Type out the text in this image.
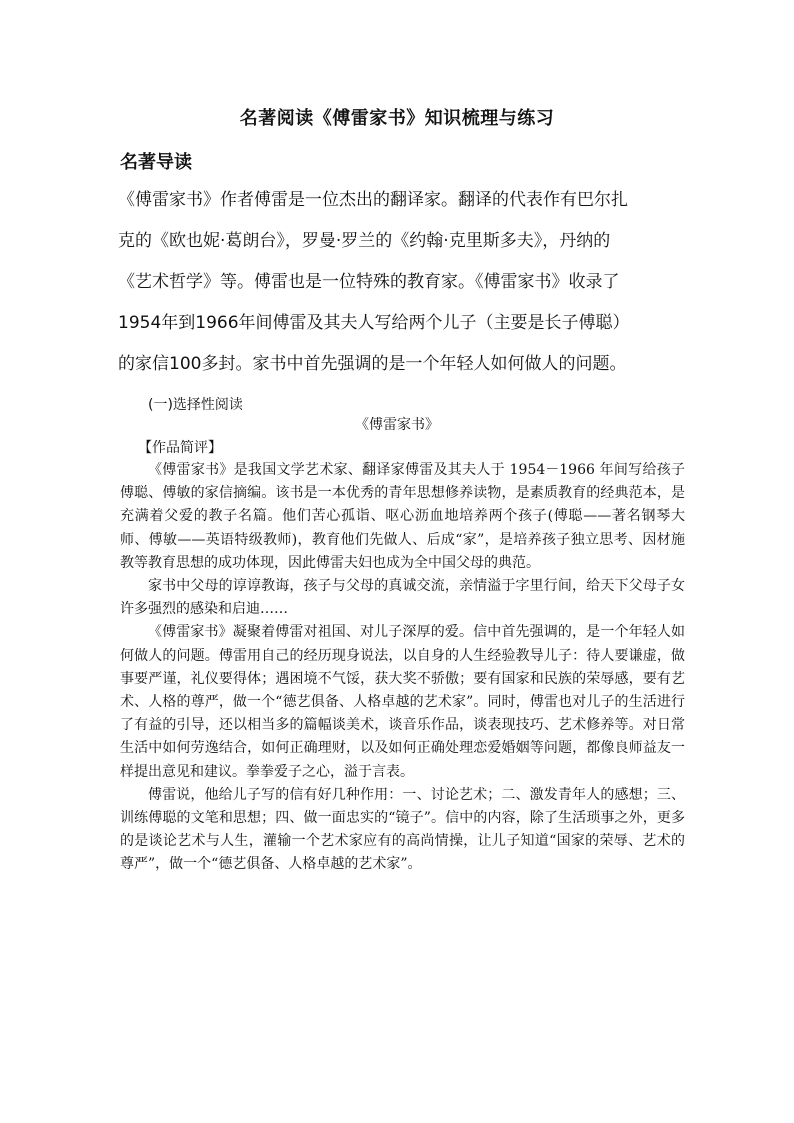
名著阅读《傅雷家书》知识梳理与练习
名著导读

《傅雷家书》作者傅雷是一位杰出的翻译家。翻译的代表作有巴尔扎

克的《欧也妮·葛朗台》，罗曼·罗兰的《约翰·克里斯多夫》，丹纳的

《艺术哲学》等。傅雷也是一位特殊的教育家。《傅雷家书》收录了

1954年到1966年间傅雷及其夫人写给两个儿子（主要是长子傅聪）

的家信100多封。家书中首先强调的是一个年轻人如何做人的问题。

(一)选择性阅读
《傅雷家书》
【作品简评】

《傅雷家书》是我国文学艺术家、翻译家傅雷及其夫人于 1954－1966 年间写给孩子傅聪、傅敏的家信摘编。该书是一本优秀的青年思想修养读物，是素质教育的经典范本，是充满着父爱的教子名篇。他们苦心孤诣、呕心沥血地培养两个孩子(傅聪——著名钢琴大师、傅敏——英语特级教师)，教育他们先做人、后成“家”，是培养孩子独立思考、因材施教等教育思想的成功体现，因此傅雷夫妇也成为全中国父母的典范。

家书中父母的谆谆教诲，孩子与父母的真诚交流，亲情溢于字里行间，给天下父母子女许多强烈的感染和启迪……

《傅雷家书》凝聚着傅雷对祖国、对儿子深厚的爱。信中首先强调的，是一个年轻人如何做人的问题。傅雷用自己的经历现身说法，以自身的人生经验教导儿子：待人要谦虚，做事要严谨，礼仪要得体；遇困境不气馁，获大奖不骄傲；要有国家和民族的荣辱感，要有艺术、人格的尊严，做一个“德艺俱备、人格卓越的艺术家”。同时，傅雷也对儿子的生活进行了有益的引导，还以相当多的篇幅谈美术，谈音乐作品，谈表现技巧、艺术修养等。对日常生活中如何劳逸结合，如何正确理财，以及如何正确处理恋爱婚姻等问题，都像良师益友一样提出意见和建议。拳拳爱子之心，溢于言表。

傅雷说，他给儿子写的信有好几种作用：一、讨论艺术；二、激发青年人的感想；三、训练傅聪的文笔和思想；四、做一面忠实的“镜子”。信中的内容，除了生活琐事之外，更多的是谈论艺术与人生，灌输一个艺术家应有的高尚情操，让儿子知道“国家的荣辱、艺术的尊严”，做一个“德艺俱备、人格卓越的艺术家”。
